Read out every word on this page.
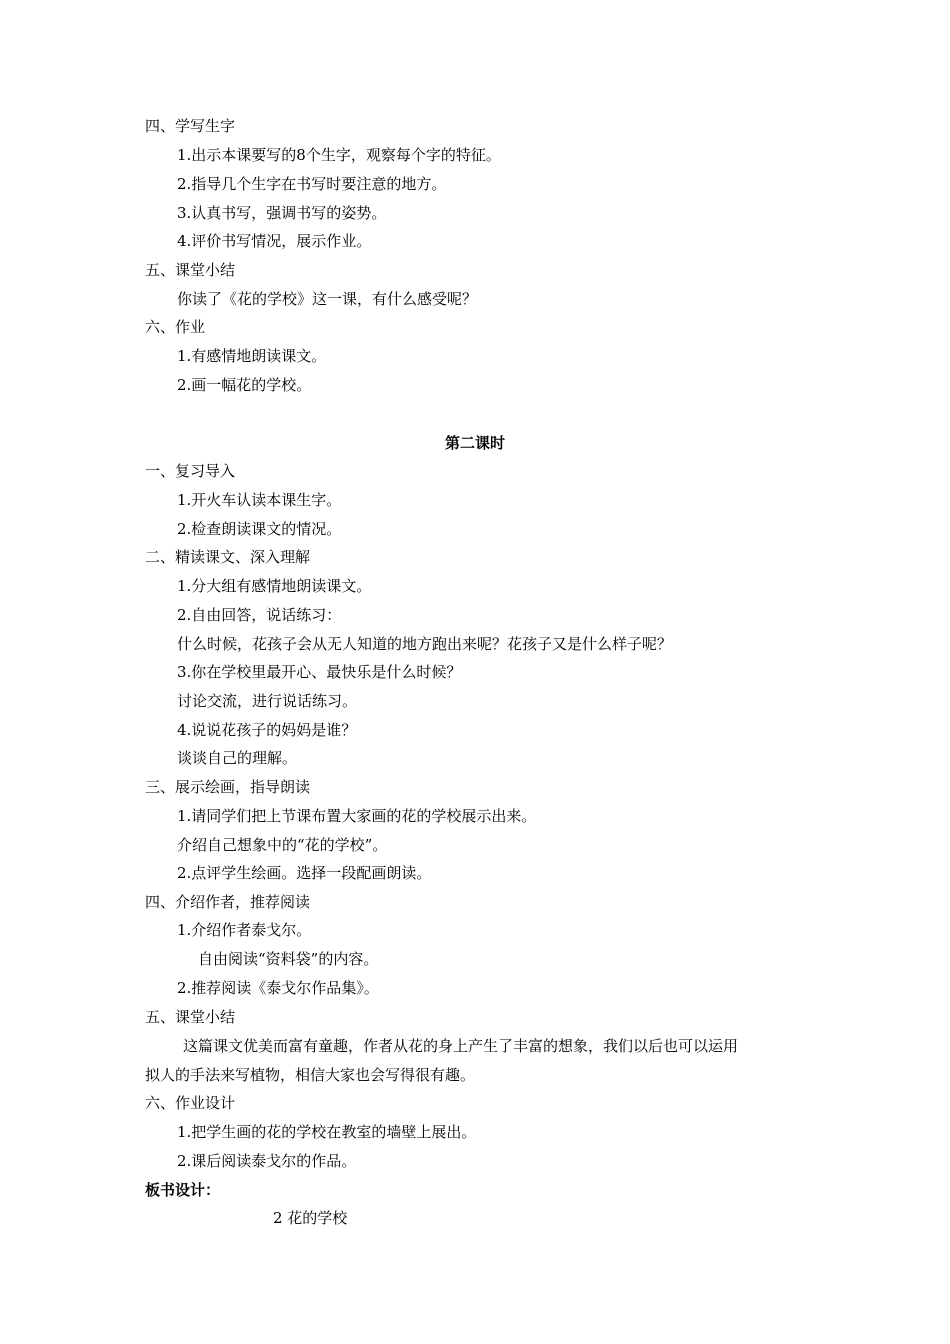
四、学写生字
1.出示本课要写的8个生字，观察每个字的特征。
2.指导几个生字在书写时要注意的地方。
3.认真书写，强调书写的姿势。
4.评价书写情况，展示作业。
五、课堂小结
你读了《花的学校》这一课，有什么感受呢？
六、作业
1.有感情地朗读课文。
2.画一幅花的学校。
第二课时
一、复习导入
1.开火车认读本课生字。
2.检查朗读课文的情况。
二、精读课文、深入理解
1.分大组有感情地朗读课文。
2.自由回答，说话练习：
什么时候，花孩子会从无人知道的地方跑出来呢？花孩子又是什么样子呢？
3.你在学校里最开心、最快乐是什么时候？
讨论交流，进行说话练习。
4.说说花孩子的妈妈是谁？
谈谈自己的理解。
三、展示绘画，指导朗读
1.请同学们把上节课布置大家画的花的学校展示出来。
介绍自己想象中的“花的学校”。
2.点评学生绘画。选择一段配画朗读。
四、介绍作者，推荐阅读
1.介绍作者泰戈尔。
自由阅读“资料袋”的内容。
2.推荐阅读《泰戈尔作品集》。
五、课堂小结
这篇课文优美而富有童趣，作者从花的身上产生了丰富的想象，我们以后也可以运用
拟人的手法来写植物，相信大家也会写得很有趣。
六、作业设计
1.把学生画的花的学校在教室的墙壁上展出。
2.课后阅读泰戈尔的作品。
板书设计：
2 花的学校
